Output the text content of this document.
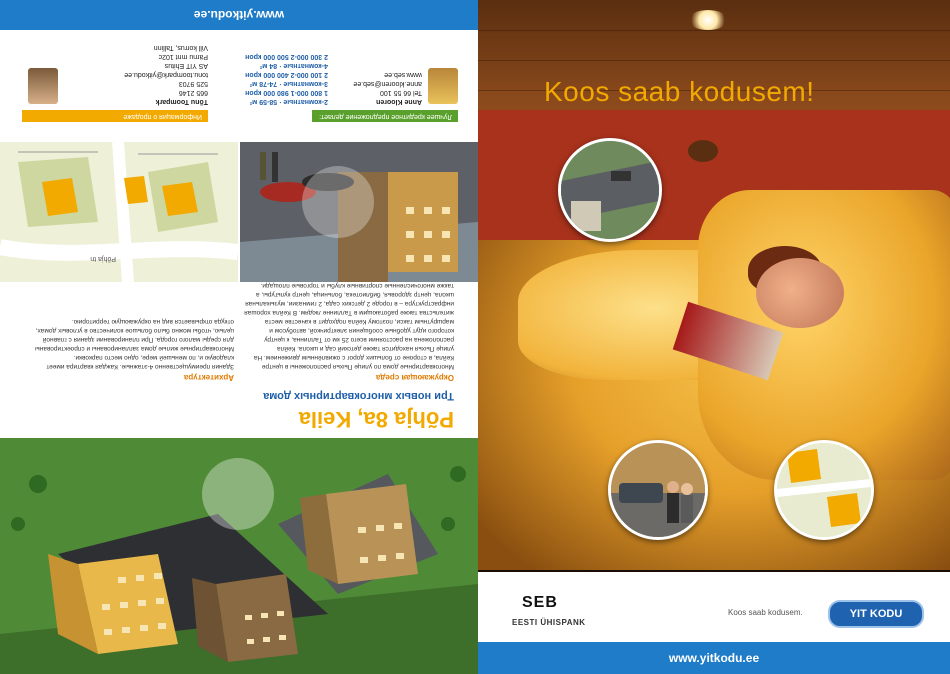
Põhja 8a, Keila
Три новых многоквартирных дома
Окружающая среда
Многоквартирные дома по улице Пыхья расположены в центре Кейла, в стороне от больших дорог с оживлённым движением. На улице Пыхья находится также детский сад и школа. Кейла расположена на расстоянии всего 25 км от Таллинна, к центру которого идут удобные сообщения электричкой, автобусом и маршрутным такси, поэтому Кейла подходит в качестве места жительства также работающим в Таллинне людям. В Кейла хорошая инфраструктура – в городе 2 детских сада, 2 гимназии, музыкальная школа, центр здоровья, библиотека, больница, центр культуры, а также многочисленные спортивные клубы и торговые площади.
Архитектура
Здания преимущественно 4-этажные. Каждая квартира имеет кладовую и, по меньшей мере, одно место парковки. Многоквартирные жилые дома запланированы и спроектированы для среды малого города. При планировании здания с главной целью, чтобы можно было большое количество в угловых домах, откуда открывается вид на окружающую территорию.
Põhja tn
Лучшее кредитное предложение делает:
Информация о продаже
Anne Klooren
Tel 66 55 100
anne.klooren@seb.ee
www.seb.ee
2-комнатные · 58-59 м²
1 800 000-1 980 000 крон
3-комнатные · 74-78 м²
2 100 000-2 400 000 крон
4-комнатные · 84 м²
2 300 000-2 500 000 крон
Tõnu Toompark
665 2146
525 9703
tonu.toompark@yitkodu.ee
AS YIT Ehitus
Pärnu mnt 102c
Vill korrus, Tallinn
www.yitkodu.ee
Koos saab kodusem!
SEB
EESTI ÜHISPANK
Koos saab kodusem.	YIT KODU
www.yitkodu.ee
